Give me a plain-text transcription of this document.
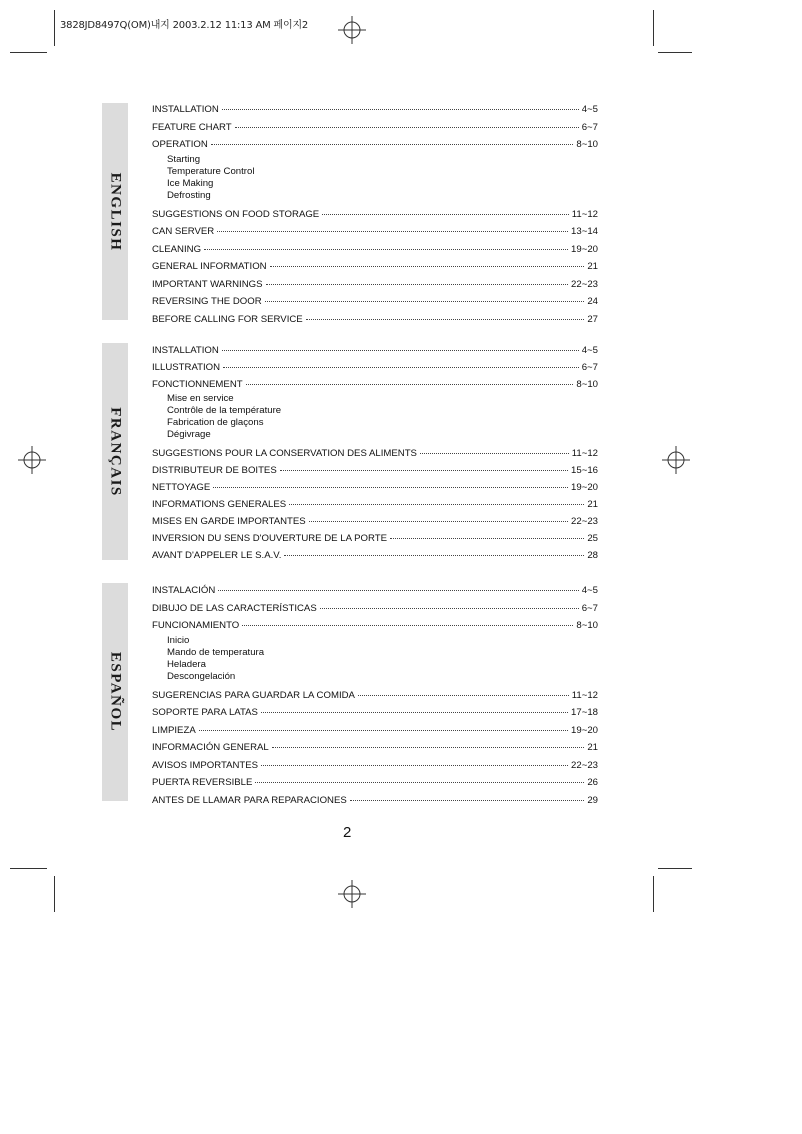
3828JD8497Q(OM)내지 2003.2.12 11:13 AM 페이지2
ENGLISH
FRANÇAIS
ESPAÑOL
INSTALLATION	4~5
FEATURE CHART	6~7
OPERATION	8~10
Starting
Temperature Control
Ice Making
Defrosting
SUGGESTIONS ON FOOD STORAGE	11~12
CAN SERVER	13~14
CLEANING	19~20
GENERAL INFORMATION	21
IMPORTANT WARNINGS	22~23
REVERSING THE DOOR	24
BEFORE CALLING FOR SERVICE	27
INSTALLATION	4~5
ILLUSTRATION	6~7
FONCTIONNEMENT	8~10
Mise en service
Contrôle de la température
Fabrication de glaçons
Dégivrage
SUGGESTIONS POUR LA CONSERVATION DES ALIMENTS	11~12
DISTRIBUTEUR DE BOITES	15~16
NETTOYAGE	19~20
INFORMATIONS GENERALES	21
MISES EN GARDE IMPORTANTES	22~23
INVERSION DU SENS D'OUVERTURE DE LA PORTE	25
AVANT D'APPELER LE S.A.V.	28
INSTALACIÓN	4~5
DIBUJO DE LAS CARACTERÍSTICAS	6~7
FUNCIONAMIENTO	8~10
Inicio
Mando de temperatura
Heladera
Descongelación
SUGERENCIAS PARA GUARDAR LA COMIDA	11~12
SOPORTE PARA LATAS	17~18
LIMPIEZA	19~20
INFORMACIÓN GENERAL	21
AVISOS IMPORTANTES	22~23
PUERTA REVERSIBLE	26
ANTES DE LLAMAR PARA REPARACIONES	29
2
